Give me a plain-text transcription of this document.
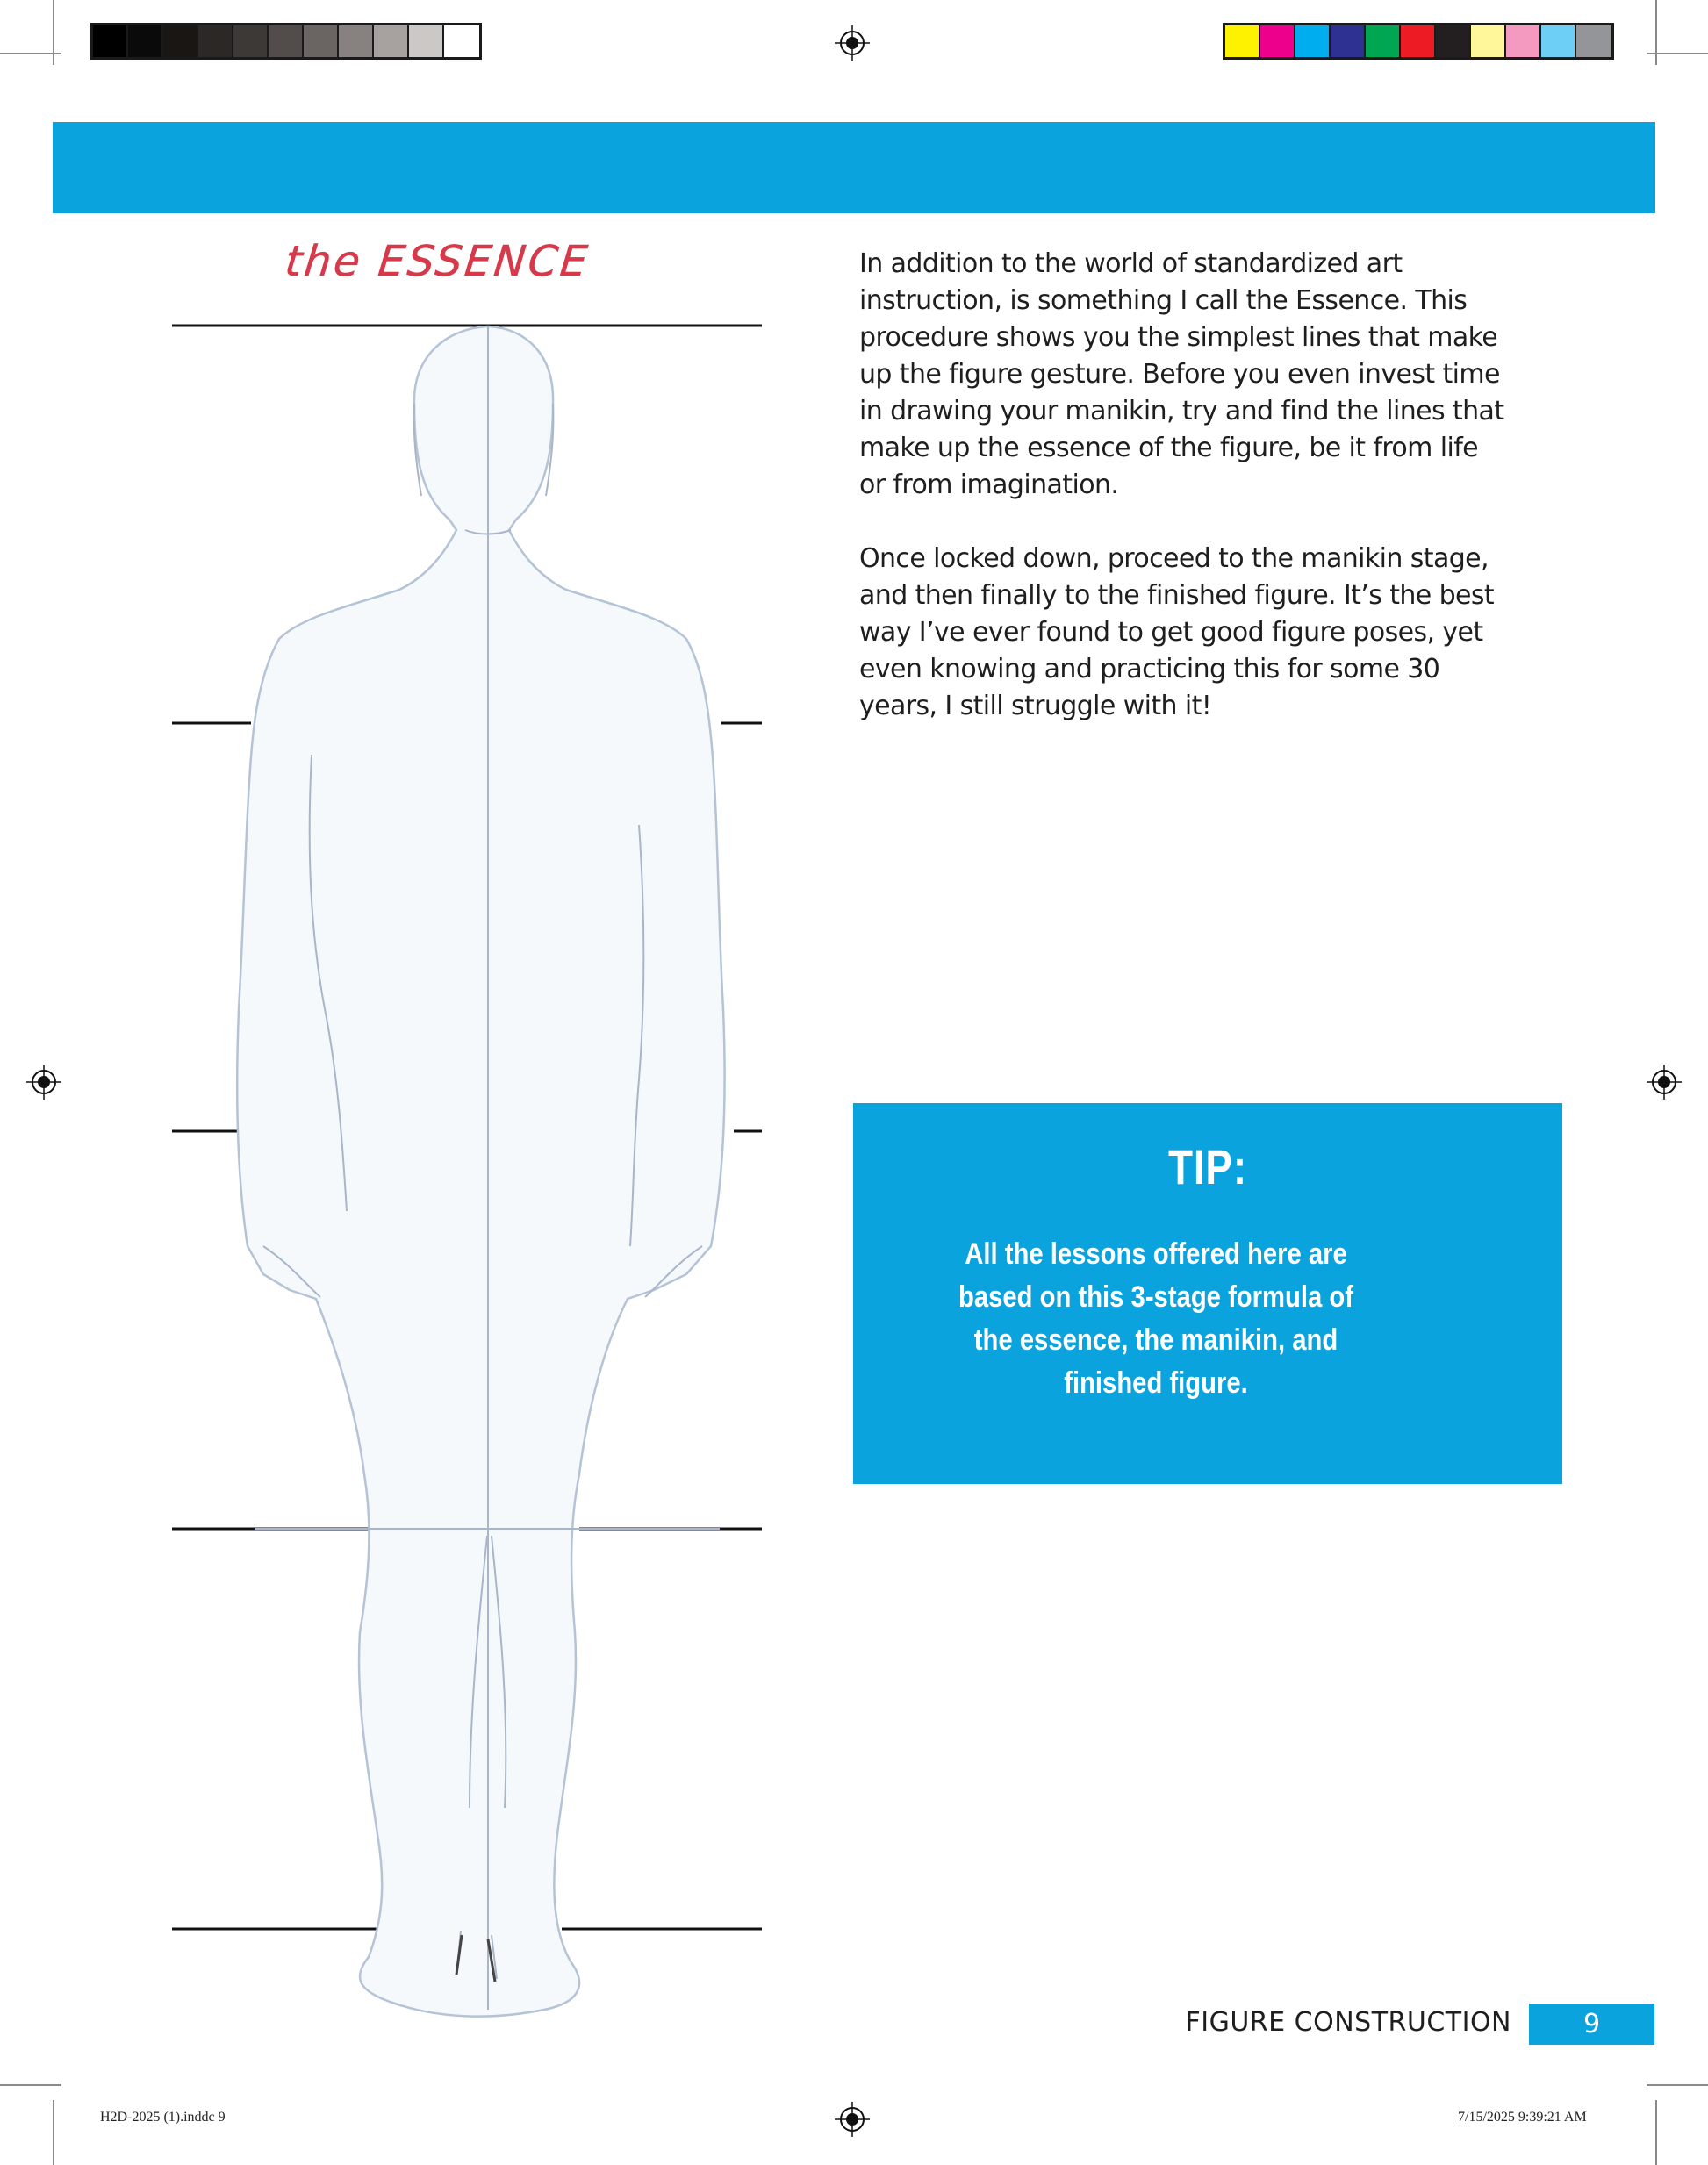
the ESSENCE	In addition to the world of standardized art instruction, is something I call the Essence. This procedure shows you the simplest lines that make up the figure gesture. Before you even invest time in drawing your manikin, try and find the lines that make up the essence of the figure, be it from life or from imagination.

Once locked down, proceed to the manikin stage, and then finally to the finished figure. It’s the best way I’ve ever found to get good figure poses, yet even knowing and practicing this for some 30 years, I still struggle with it!

TIP:
All the lessons offered here are based on this 3-stage formula of the essence, the manikin, and finished figure.
FIGURE CONSTRUCTION	9
H2D-2025 (1).inddc 9	7/15/2025 9:39:21 AM
